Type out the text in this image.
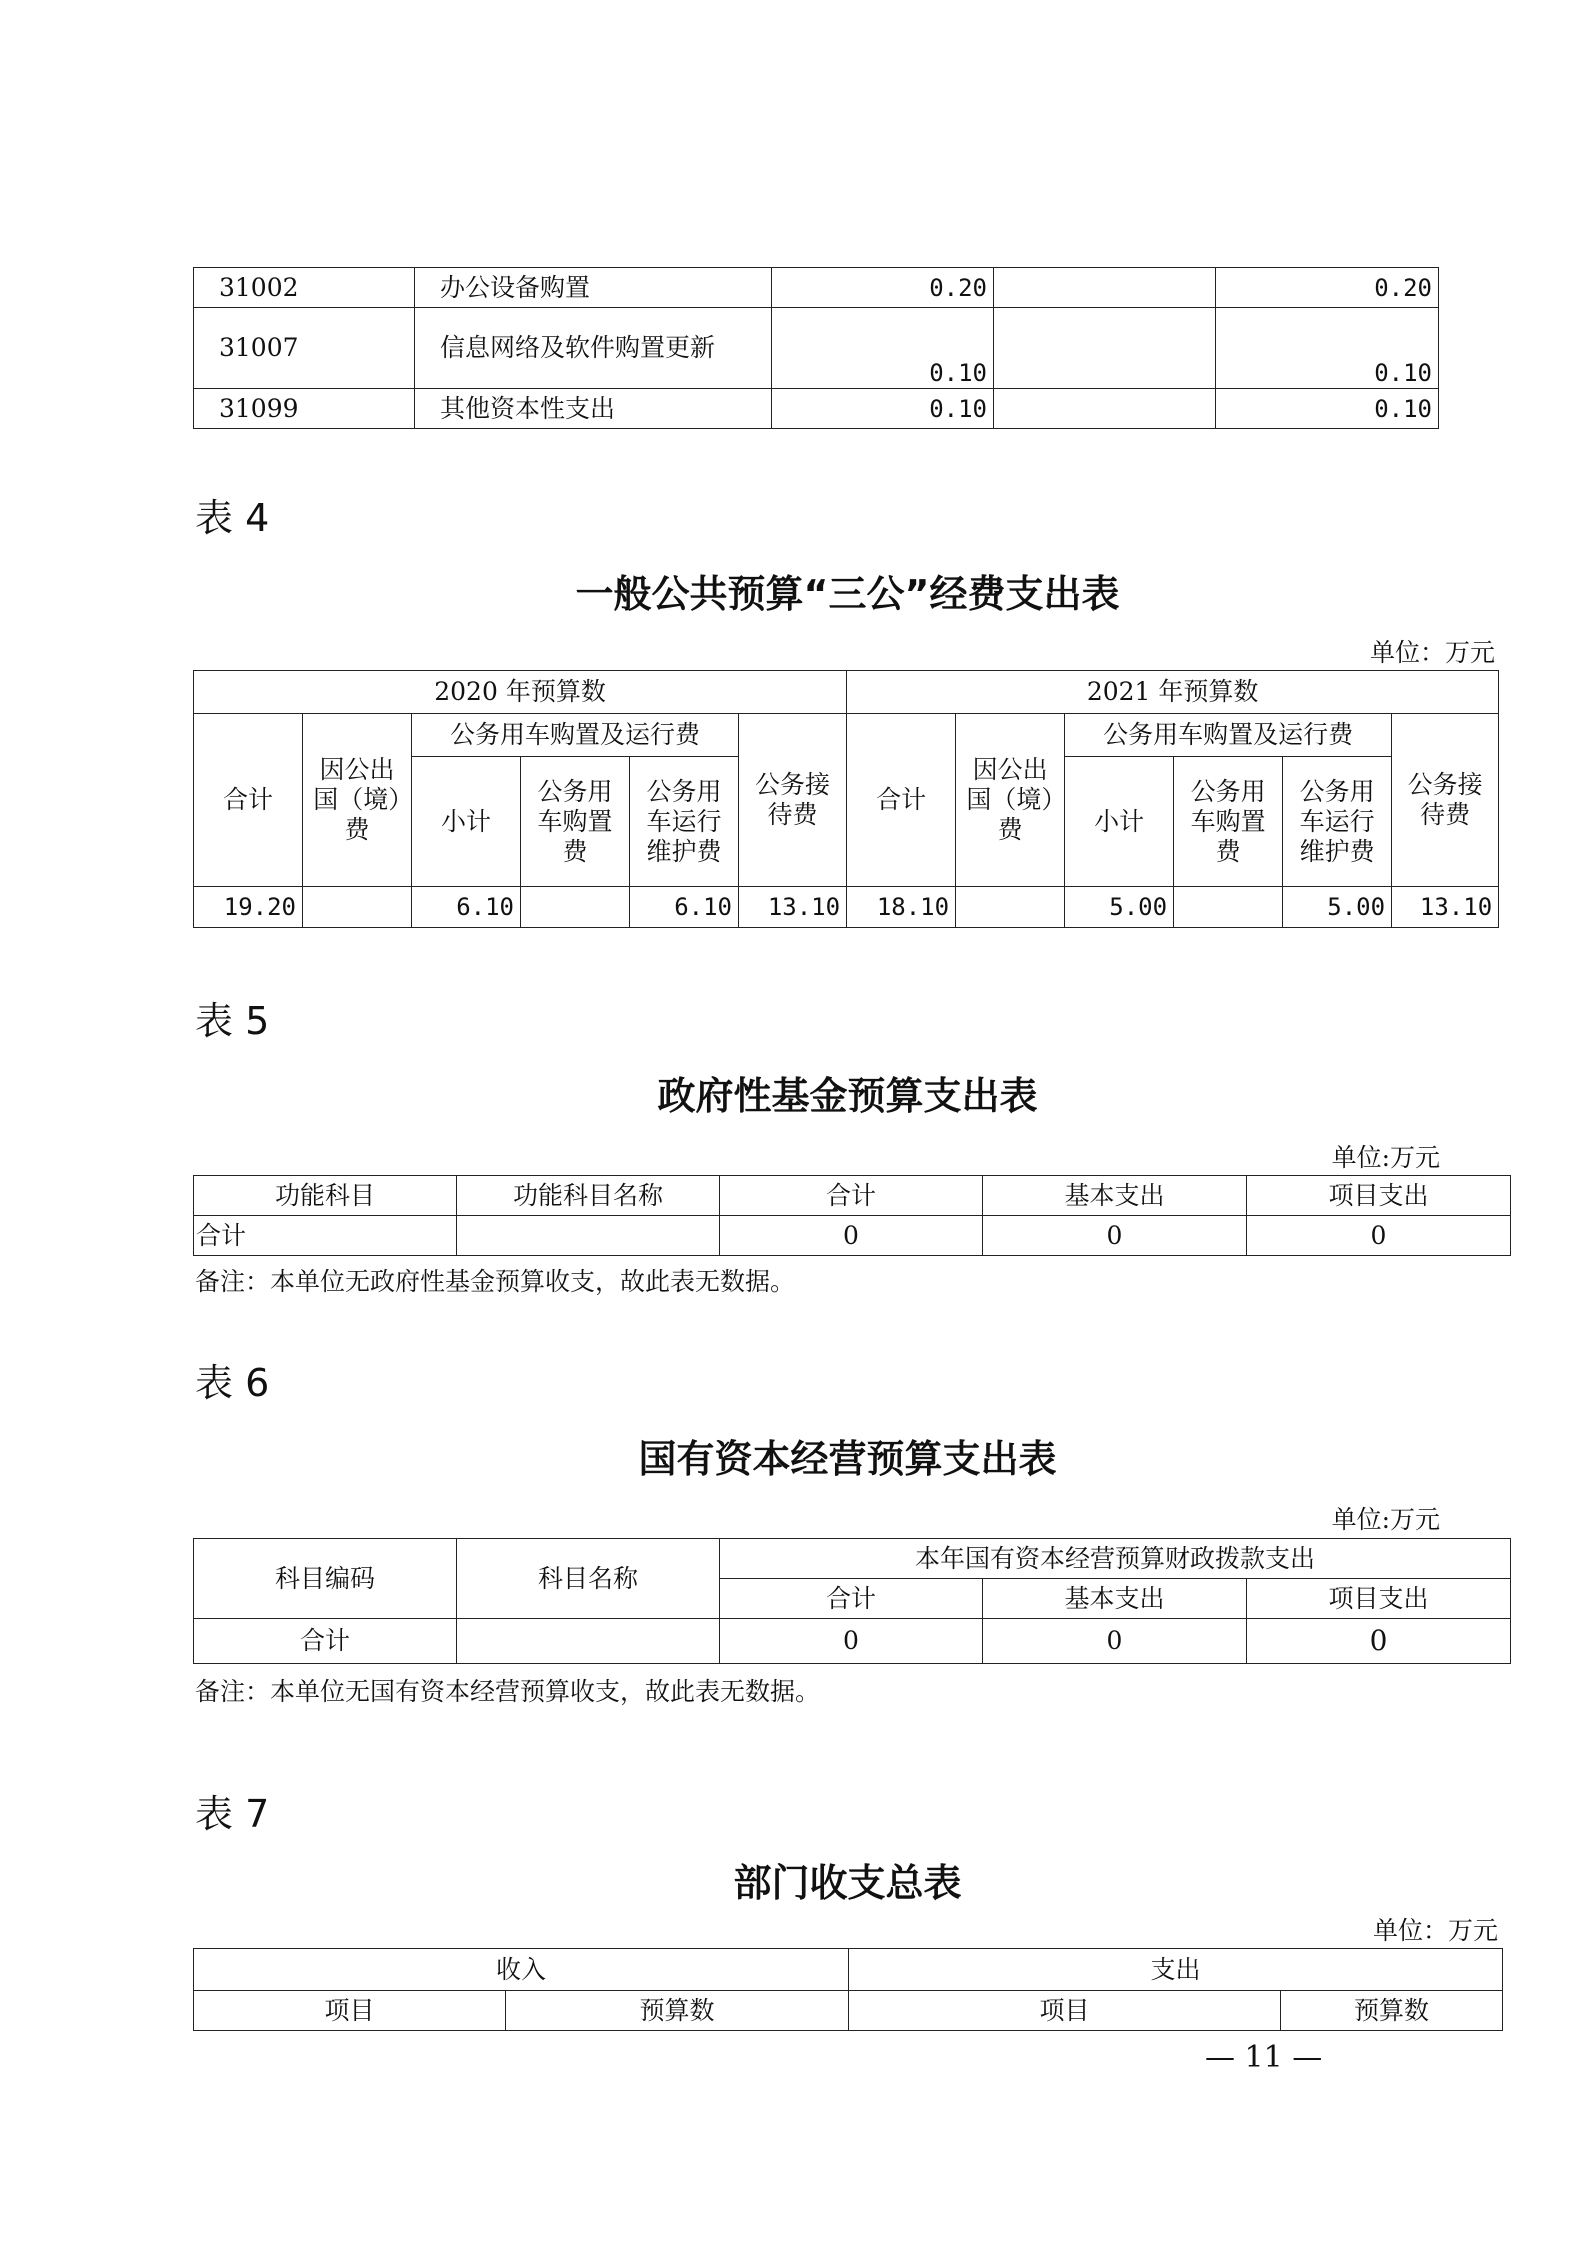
31002	办公设备购置	0.20		0.20
31007	信息网络及软件购置更新	0.10		0.10
31099	其他资本性支出	0.10		0.10
表 4
一般公共预算“三公”经费支出表
单位：万元
2020 年预算数						2021 年预算数					
合计	因公出国（境）费	公务用车购置及运行费			公务接待费	合计	因公出国（境）费	公务用车购置及运行费			公务接待费
		小计	公务用车购置费	公务用车运行维护费				小计	公务用车购置费	公务用车运行维护费	
19.20		6.10		6.10	13.10	18.10		5.00		5.00	13.10
表 5
政府性基金预算支出表
单位:万元
功能科目	功能科目名称	合计	基本支出	项目支出
合计		0	0	0
备注：本单位无政府性基金预算收支，故此表无数据。
表 6
国有资本经营预算支出表
单位:万元
科目编码	科目名称	本年国有资本经营预算财政拨款支出		
		合计	基本支出	项目支出
合计		0	0	0
备注：本单位无国有资本经营预算收支，故此表无数据。
表 7
部门收支总表
单位：万元
收入		支出	
项目	预算数	项目	预算数
— 11 —
